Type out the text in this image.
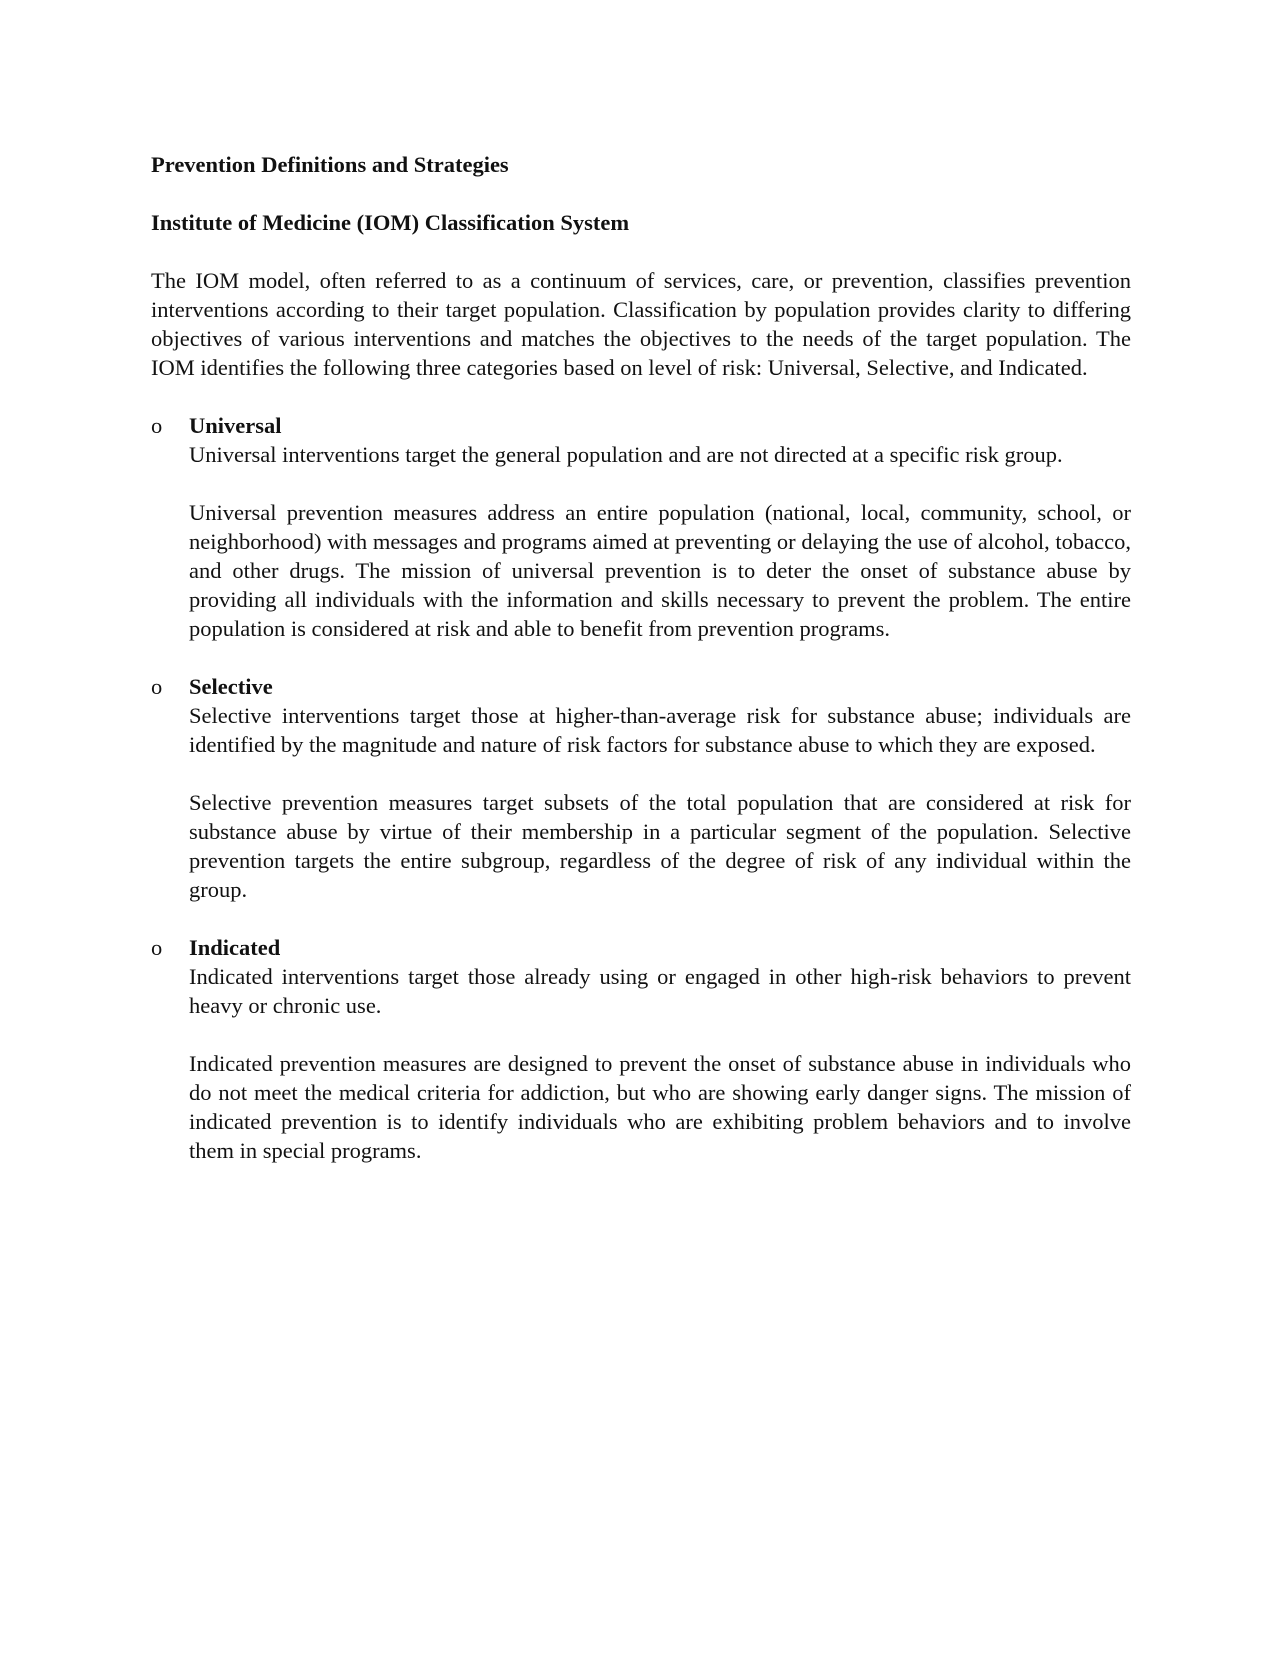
Prevention Definitions and Strategies
Institute of Medicine (IOM) Classification System

The IOM model, often referred to as a continuum of services, care, or prevention, classifies prevention interventions according to their target population. Classification by population provides clarity to differing objectives of various interventions and matches the objectives to the needs of the target population. The IOM identifies the following three categories based on level of risk: Universal, Selective, and Indicated.

o Universal

Universal interventions target the general population and are not directed at a specific risk group.

Universal prevention measures address an entire population (national, local, community, school, or neighborhood) with messages and programs aimed at preventing or delaying the use of alcohol, tobacco, and other drugs. The mission of universal prevention is to deter the onset of substance abuse by providing all individuals with the information and skills necessary to prevent the problem. The entire population is considered at risk and able to benefit from prevention programs.

o Selective

Selective interventions target those at higher-than-average risk for substance abuse; individuals are identified by the magnitude and nature of risk factors for substance abuse to which they are exposed.

Selective prevention measures target subsets of the total population that are considered at risk for substance abuse by virtue of their membership in a particular segment of the population. Selective prevention targets the entire subgroup, regardless of the degree of risk of any individual within the group.

o Indicated

Indicated interventions target those already using or engaged in other high-risk behaviors to prevent heavy or chronic use.

Indicated prevention measures are designed to prevent the onset of substance abuse in individuals who do not meet the medical criteria for addiction, but who are showing early danger signs. The mission of indicated prevention is to identify individuals who are exhibiting problem behaviors and to involve them in special programs.
